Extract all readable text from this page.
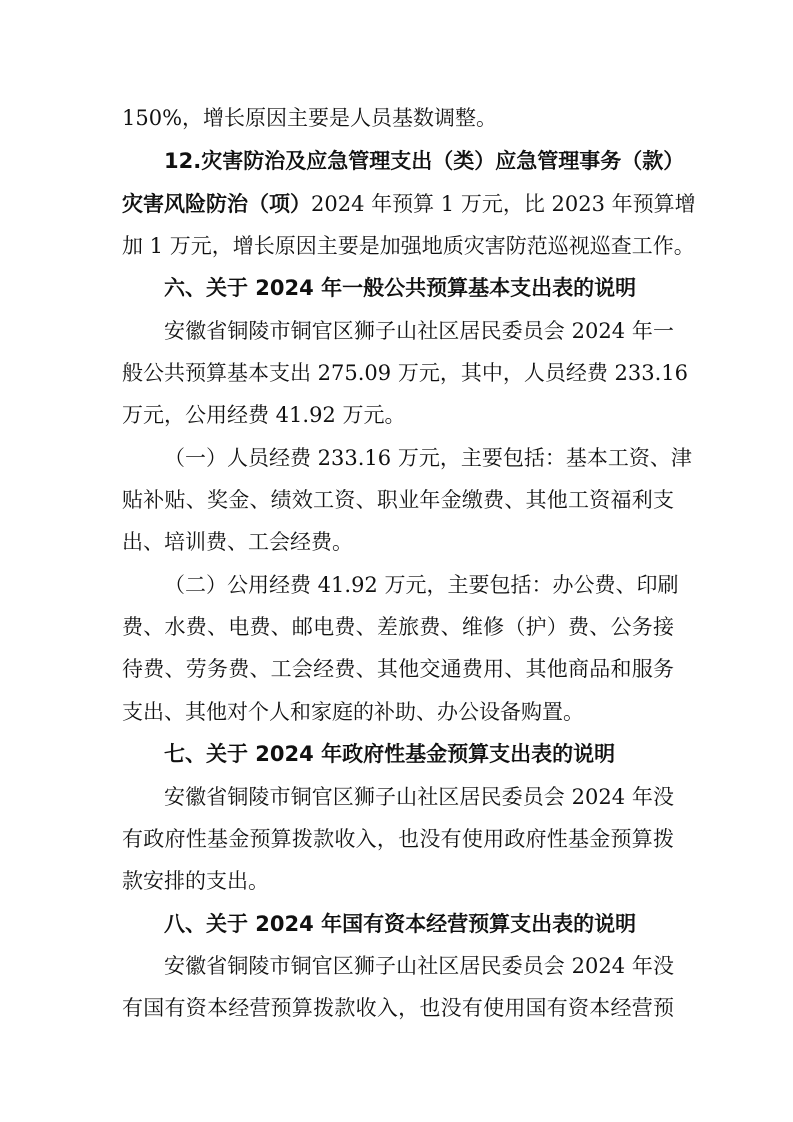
150%，增长原因主要是人员基数调整。
12.灾害防治及应急管理支出（类）应急管理事务（款）
灾害风险防治（项）2024 年预算 1 万元，比 2023 年预算增
加 1 万元，增长原因主要是加强地质灾害防范巡视巡查工作。
六、关于 2024 年一般公共预算基本支出表的说明
安徽省铜陵市铜官区狮子山社区居民委员会 2024 年一
般公共预算基本支出 275.09 万元，其中，人员经费 233.16
万元，公用经费 41.92 万元。
（一）人员经费 233.16 万元，主要包括：基本工资、津
贴补贴、奖金、绩效工资、职业年金缴费、其他工资福利支
出、培训费、工会经费。
（二）公用经费 41.92 万元，主要包括：办公费、印刷
费、水费、电费、邮电费、差旅费、维修（护）费、公务接
待费、劳务费、工会经费、其他交通费用、其他商品和服务
支出、其他对个人和家庭的补助、办公设备购置。
七、关于 2024 年政府性基金预算支出表的说明
安徽省铜陵市铜官区狮子山社区居民委员会 2024 年没
有政府性基金预算拨款收入，也没有使用政府性基金预算拨
款安排的支出。
八、关于 2024 年国有资本经营预算支出表的说明
安徽省铜陵市铜官区狮子山社区居民委员会 2024 年没
有国有资本经营预算拨款收入，也没有使用国有资本经营预
